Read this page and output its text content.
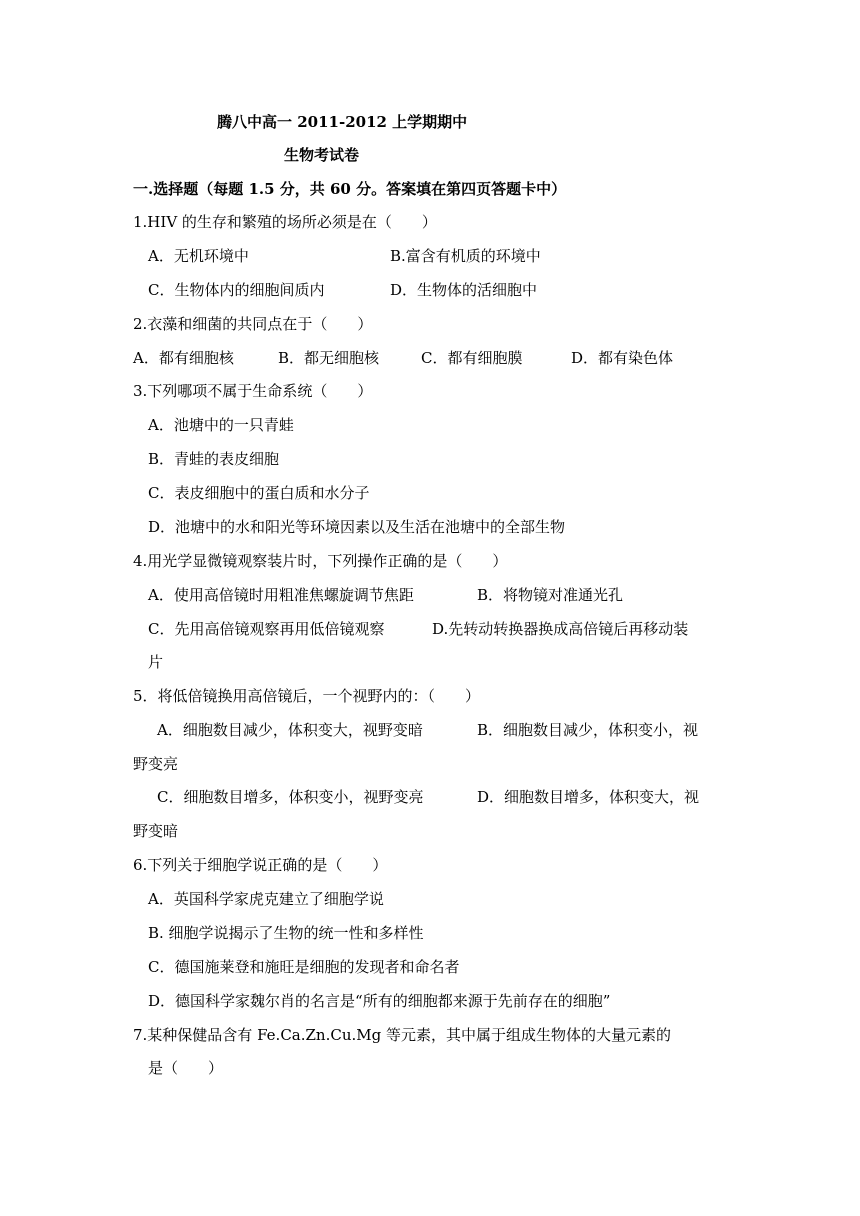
腾八中高一 2011-2012 上学期期中
生物考试卷
一.选择题（每题 1.5 分，共 60 分。答案填在第四页答题卡中）
1.HIV 的生存和繁殖的场所必须是在（　　）
A．无机环境中	B.富含有机质的环境中
C．生物体内的细胞间质内	D．生物体的活细胞中
2.衣藻和细菌的共同点在于（　　）
A．都有细胞核	B．都无细胞核	C．都有细胞膜	D．都有染色体
3.下列哪项不属于生命系统（　　）
A．池塘中的一只青蛙
B．青蛙的表皮细胞
C．表皮细胞中的蛋白质和水分子
D．池塘中的水和阳光等环境因素以及生活在池塘中的全部生物
4.用光学显微镜观察装片时，下列操作正确的是（　　）
A．使用高倍镜时用粗准焦螺旋调节焦距	B．将物镜对准通光孔
C．先用高倍镜观察再用低倍镜观察	D.先转动转换器换成高倍镜后再移动装
片
5．将低倍镜换用高倍镜后，一个视野内的：（　　）
A．细胞数目减少，体积变大，视野变暗	B．细胞数目减少，体积变小，视
野变亮
C．细胞数目增多，体积变小，视野变亮	D．细胞数目增多，体积变大，视
野变暗
6.下列关于细胞学说正确的是（　　）
A．英国科学家虎克建立了细胞学说
B. 细胞学说揭示了生物的统一性和多样性
C．德国施莱登和施旺是细胞的发现者和命名者
D．德国科学家魏尔肖的名言是“所有的细胞都来源于先前存在的细胞”
7.某种保健品含有 Fe.Ca.Zn.Cu.Mg 等元素，其中属于组成生物体的大量元素的
是（　　）
